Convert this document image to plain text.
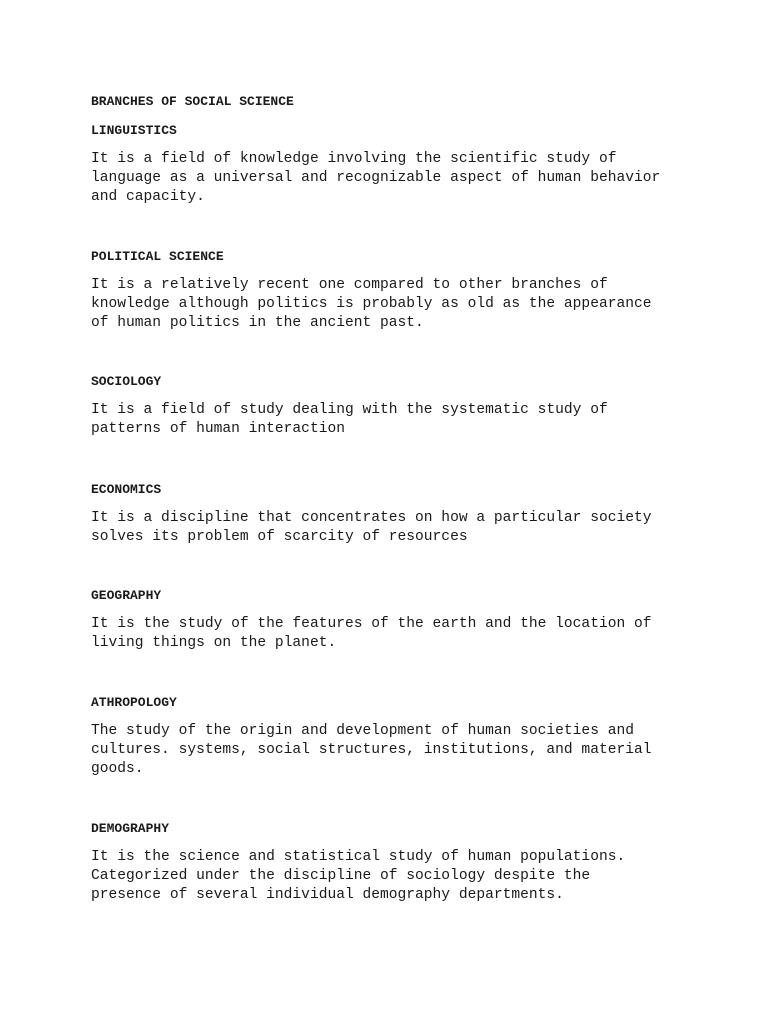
BRANCHES OF SOCIAL SCIENCE
LINGUISTICS
It is a field of knowledge involving the scientific study of
language as a universal and recognizable aspect of human behavior
and capacity.
POLITICAL SCIENCE
It is a relatively recent one compared to other branches of
knowledge although politics is probably as old as the appearance
of human politics in the ancient past.
SOCIOLOGY
It is a field of study dealing with the systematic study of
patterns of human interaction
ECONOMICS
It is a discipline that concentrates on how a particular society
solves its problem of scarcity of resources
GEOGRAPHY
It is the study of the features of the earth and the location of
living things on the planet.
ATHROPOLOGY
The study of the origin and development of human societies and
cultures. systems, social structures, institutions, and material
goods.
DEMOGRAPHY
It is the science and statistical study of human populations.
Categorized under the discipline of sociology despite the
presence of several individual demography departments.
